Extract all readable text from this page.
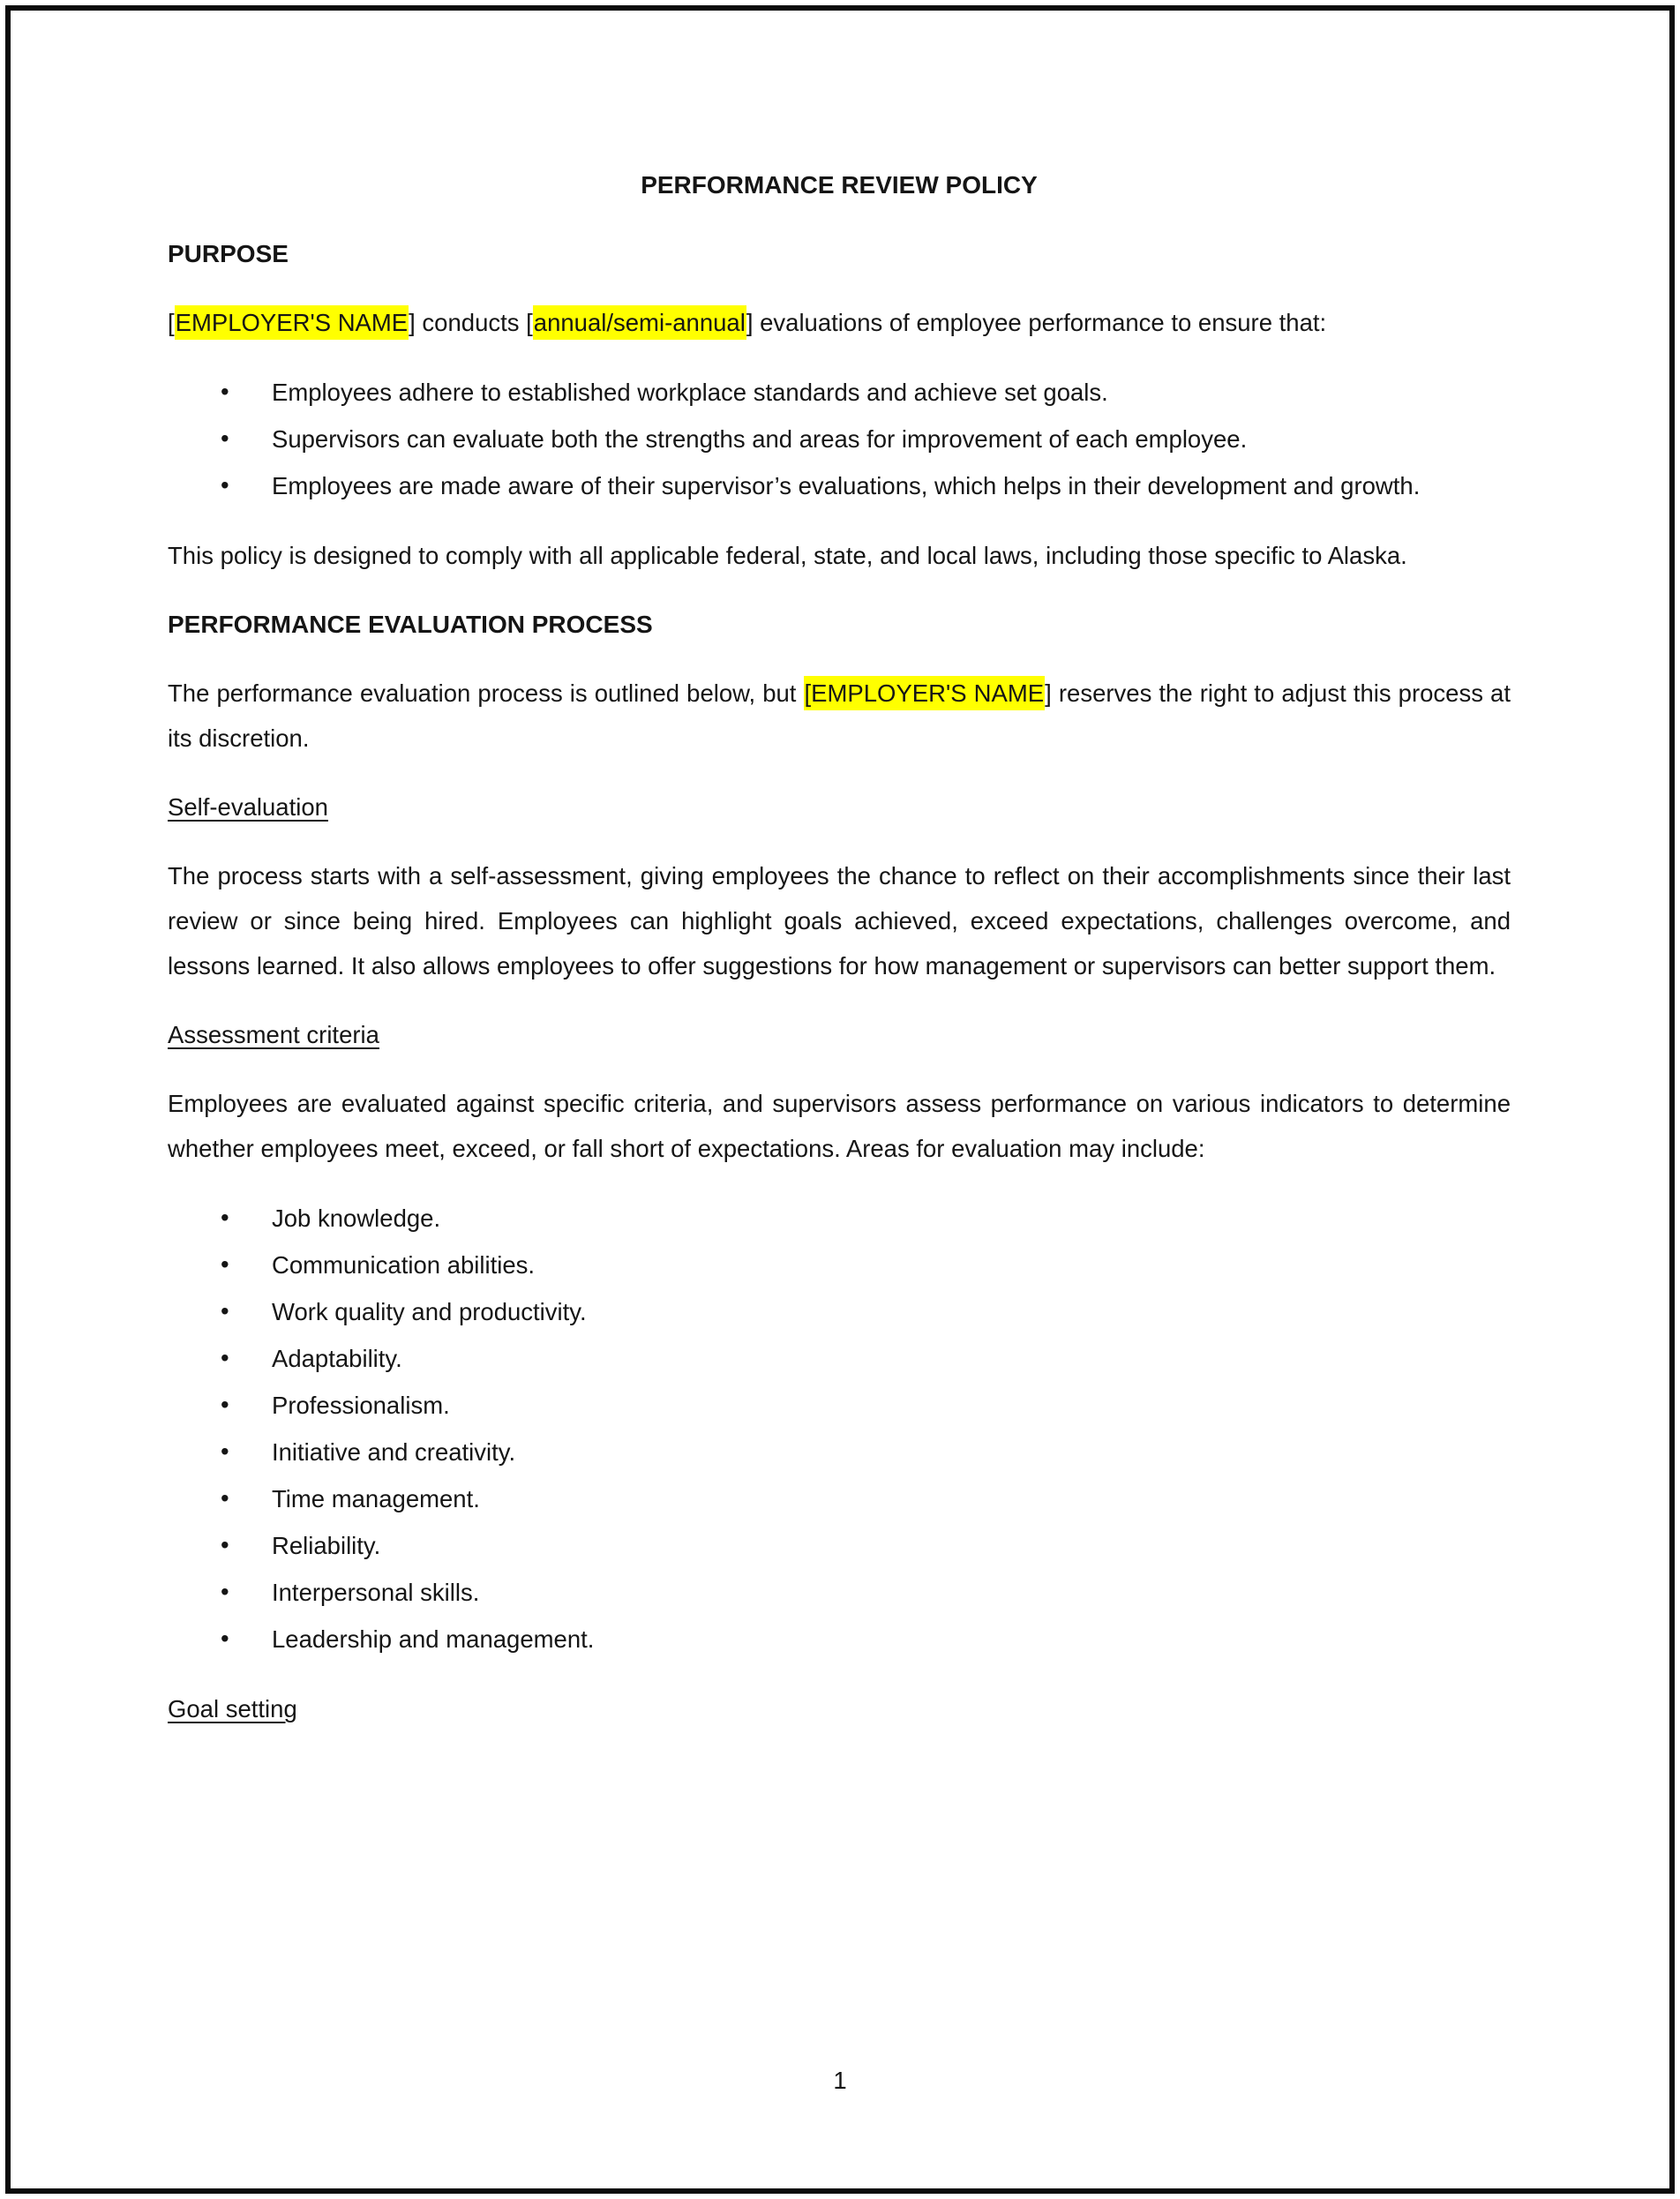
PERFORMANCE REVIEW POLICY
PURPOSE

[EMPLOYER'S NAME] conducts [annual/semi-annual] evaluations of employee performance to ensure that:

• Employees adhere to established workplace standards and achieve set goals.
• Supervisors can evaluate both the strengths and areas for improvement of each employee.
• Employees are made aware of their supervisor’s evaluations, which helps in their development and growth.

This policy is designed to comply with all applicable federal, state, and local laws, including those specific to Alaska.

PERFORMANCE EVALUATION PROCESS

The performance evaluation process is outlined below, but [EMPLOYER'S NAME] reserves the right to adjust this process at its discretion.

Self-evaluation

The process starts with a self-assessment, giving employees the chance to reflect on their accomplishments since their last review or since being hired. Employees can highlight goals achieved, exceed expectations, challenges overcome, and lessons learned. It also allows employees to offer suggestions for how management or supervisors can better support them.

Assessment criteria

Employees are evaluated against specific criteria, and supervisors assess performance on various indicators to determine whether employees meet, exceed, or fall short of expectations. Areas for evaluation may include:

• Job knowledge.
• Communication abilities.
• Work quality and productivity.
• Adaptability.
• Professionalism.
• Initiative and creativity.
• Time management.
• Reliability.
• Interpersonal skills.
• Leadership and management.
Goal setting
1
